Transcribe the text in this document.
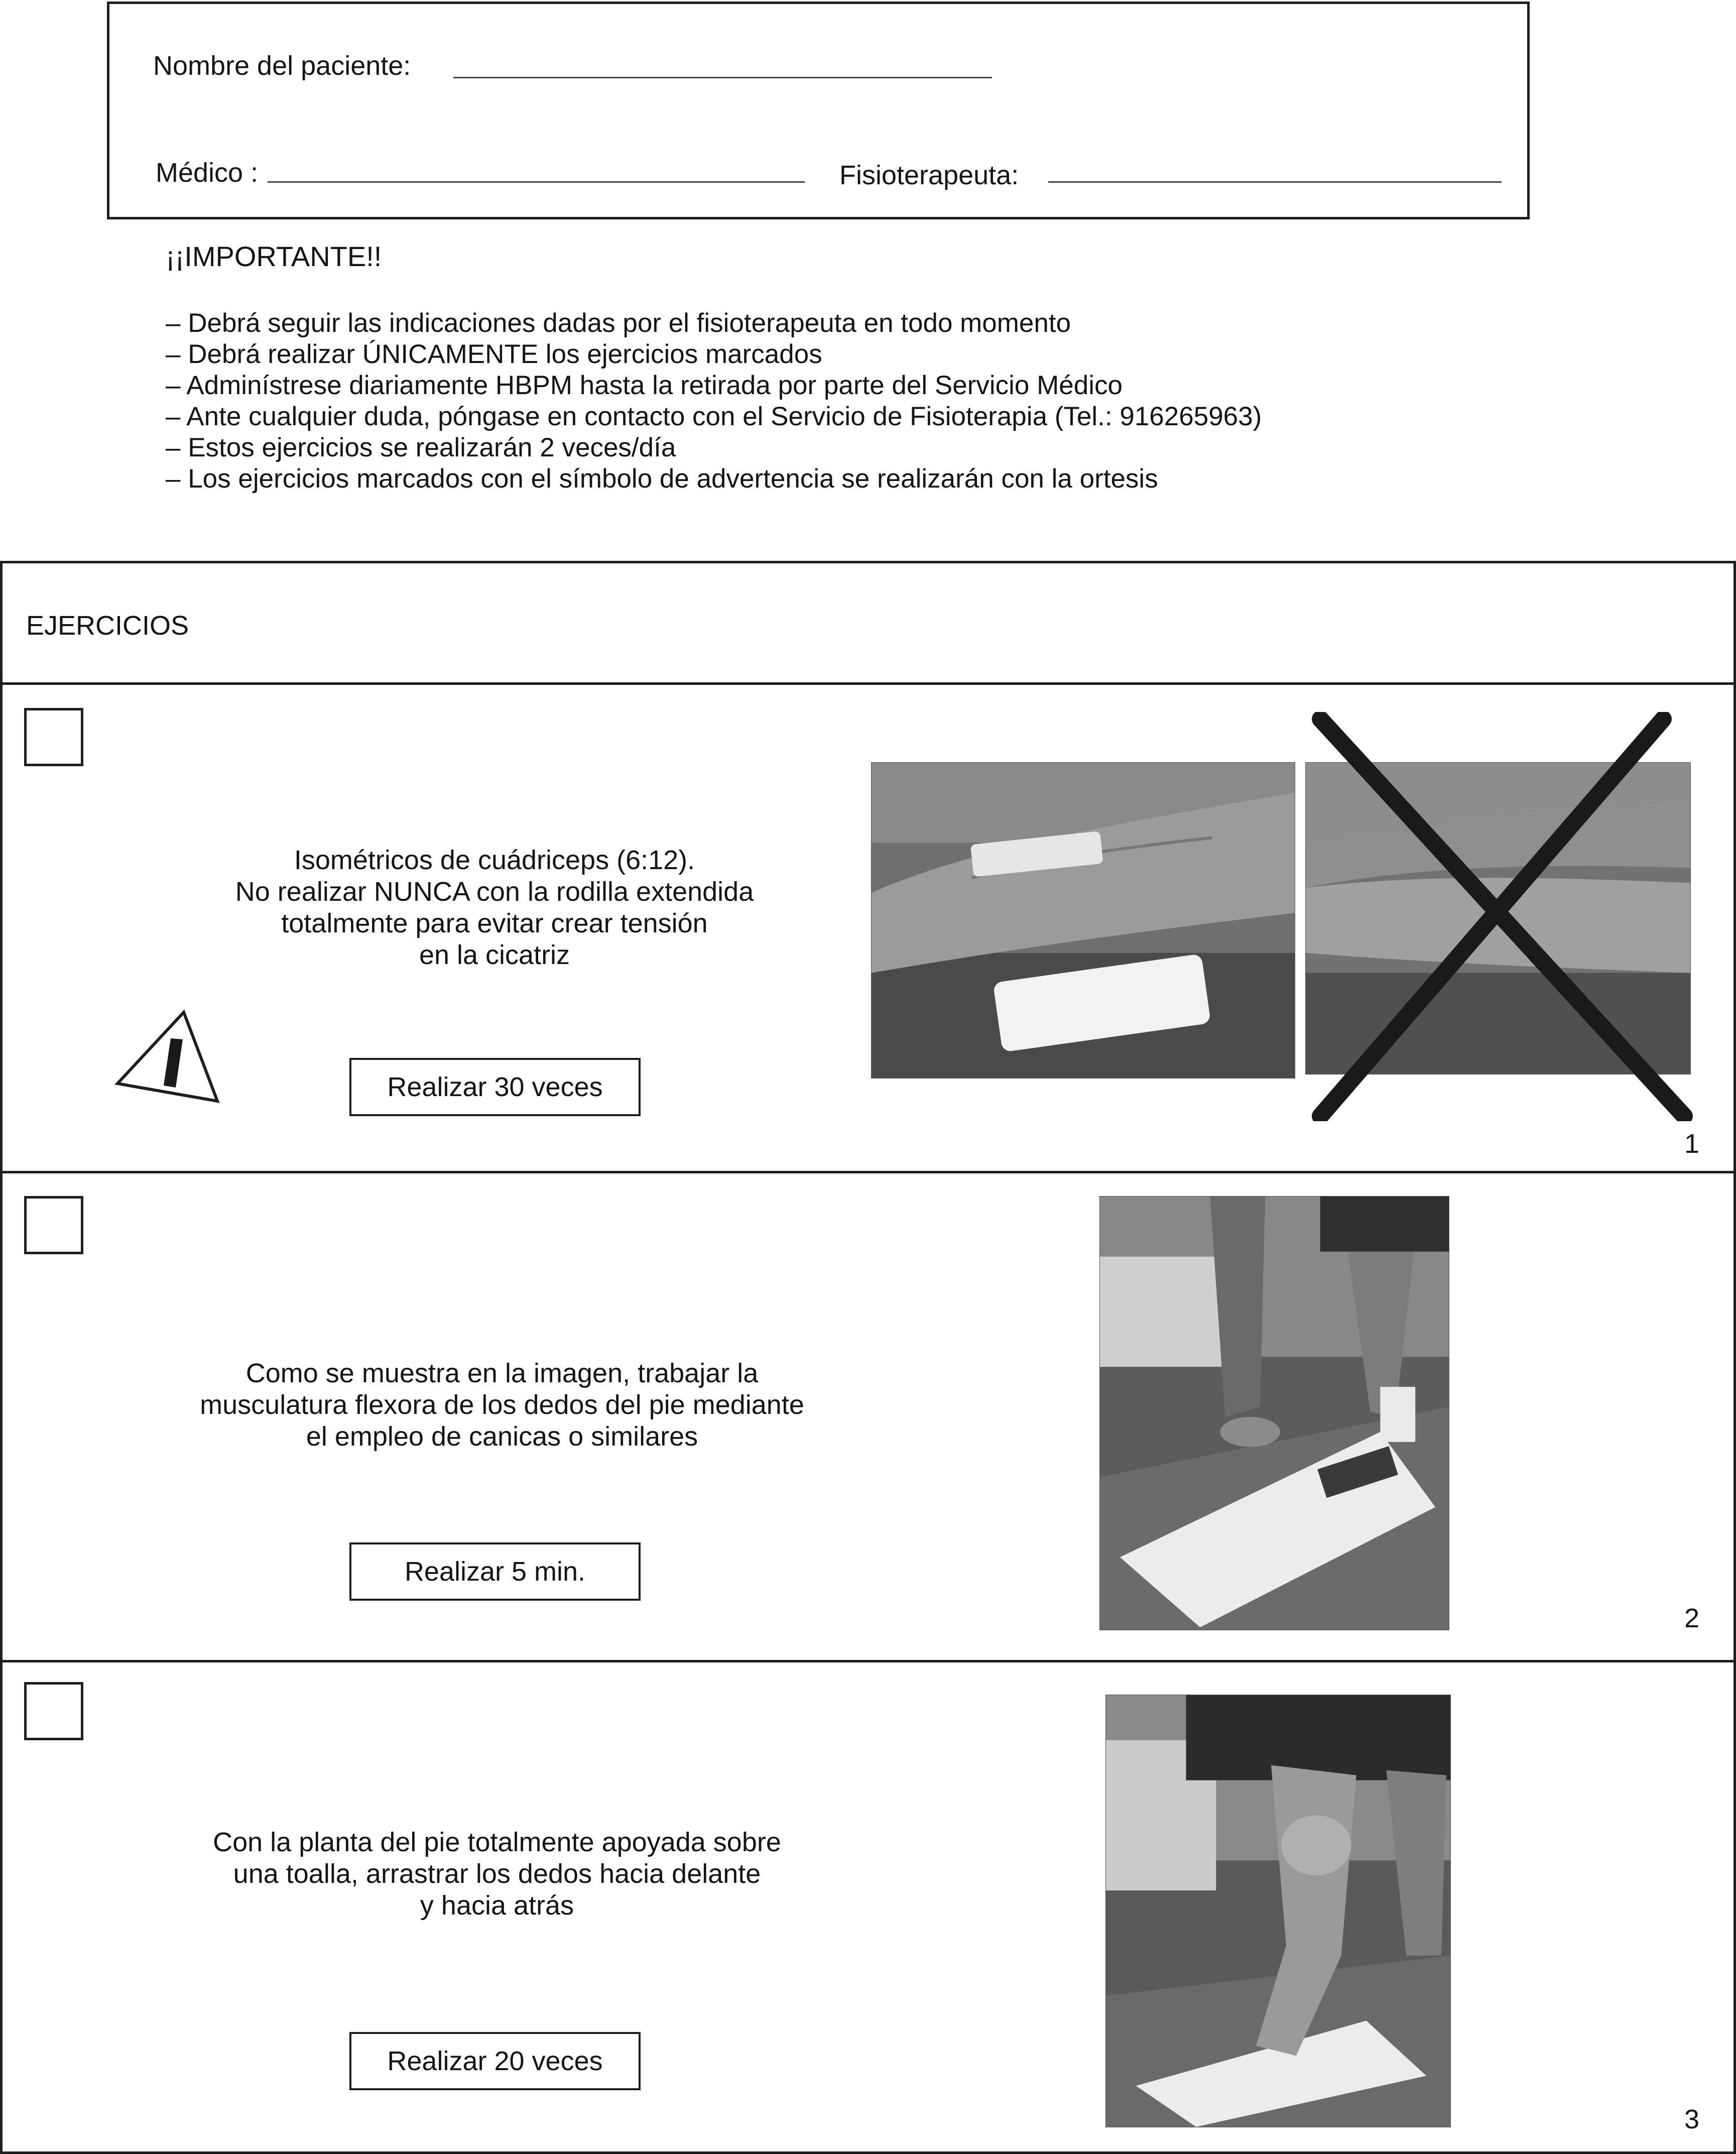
Nombre del paciente:
Médico :	Fisioterapeuta:
¡¡IMPORTANTE!!
– Debrá seguir las indicaciones dadas por el fisioterapeuta en todo momento
– Debrá realizar ÚNICAMENTE los ejercicios marcados
– Adminístrese diariamente HBPM hasta la retirada por parte del Servicio Médico
– Ante cualquier duda, póngase en contacto con el Servicio de Fisioterapia (Tel.: 916265963)
– Estos ejercicios se realizarán 2 veces/día
– Los ejercicios marcados con el símbolo de advertencia se realizarán con la ortesis
EJERCICIOS
Isométricos de cuádriceps (6:12).
No realizar NUNCA con la rodilla extendida
totalmente para evitar crear tensión
en la cicatriz
Realizar 30 veces
1
Como se muestra en la imagen, trabajar la
musculatura flexora de los dedos del pie mediante
el empleo de canicas o similares
Realizar 5 min.
2
Con la planta del pie totalmente apoyada sobre
una toalla, arrastrar los dedos hacia delante
y hacia atrás
Realizar 20 veces
3
